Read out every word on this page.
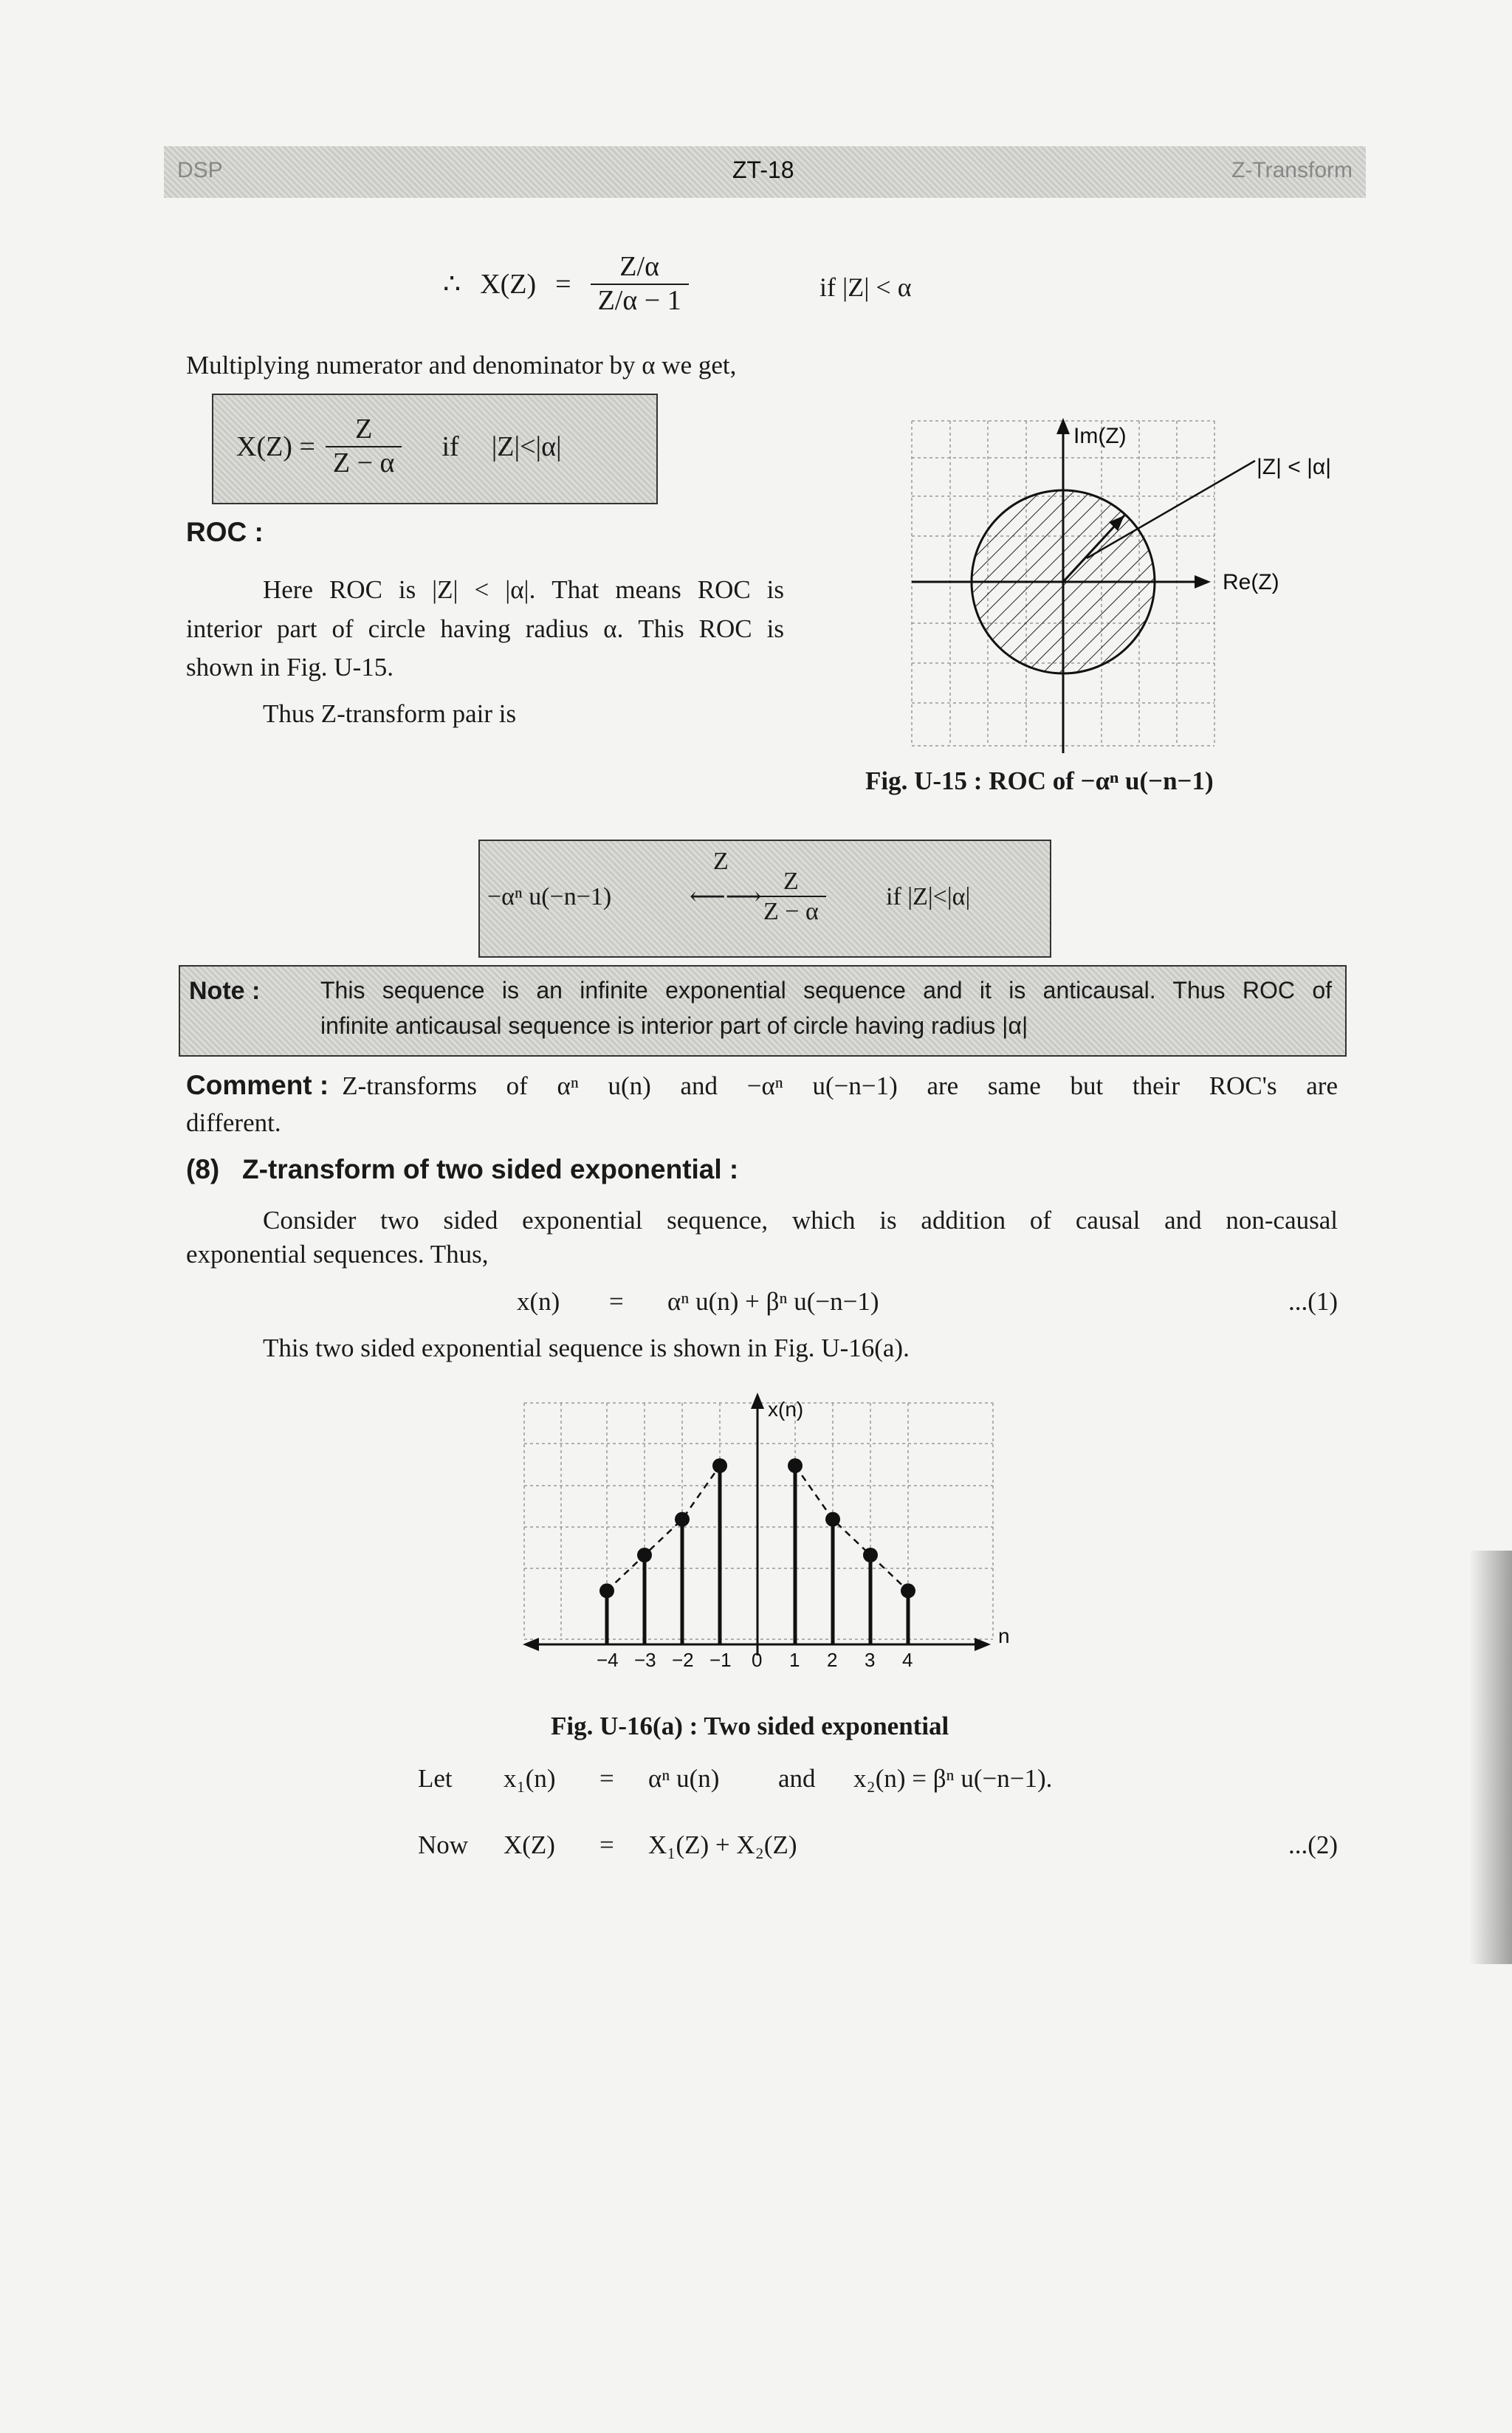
DSP	ZT-18	Z-Transform
∴ $X(Z) = \frac{Z/\alpha}{Z/\alpha - 1}$	if |Z| < α
Multiplying numerator and denominator by α we get,
$X(Z) = \frac{Z}{Z - \alpha}$ if |Z|<|α|
ROC :
Here ROC is |Z| < |α|. That means ROC is
interior part of circle having radius α. This ROC is
shown in Fig. U-15.
Thus Z-transform pair is
Im(Z)
Re(Z)
|Z| < |α|
Fig. U-15 : ROC of −αⁿ u(−n−1)
−αⁿ u(−n−1)
Z
⟵⟶
$\frac{Z}{Z - \alpha}$ if |Z|<|α|
Note :	This sequence is an infinite exponential sequence and it is anticausal. Thus ROC of
infinite anticausal sequence is interior part of circle having radius |α|
Comment : Z-transforms of αⁿ u(n) and −αⁿ u(−n−1) are same but their ROC's are
different.
(8)   Z-transform of two sided exponential :
Consider two sided exponential sequence, which is addition of causal and non-causal
exponential sequences. Thus,
x(n) = αⁿ u(n) + βⁿ u(−n−1)	...(1)
This two sided exponential sequence is shown in Fig. U-16(a).
x(n)
n
−4 −3 −2 −1 0 1 2 3 4
Fig. U-16(a) : Two sided exponential
Let x₁(n) = αⁿ u(n) and x₂(n) = βⁿ u(−n−1).
Now X(Z) = X₁(Z) + X₂(Z)	...(2)
